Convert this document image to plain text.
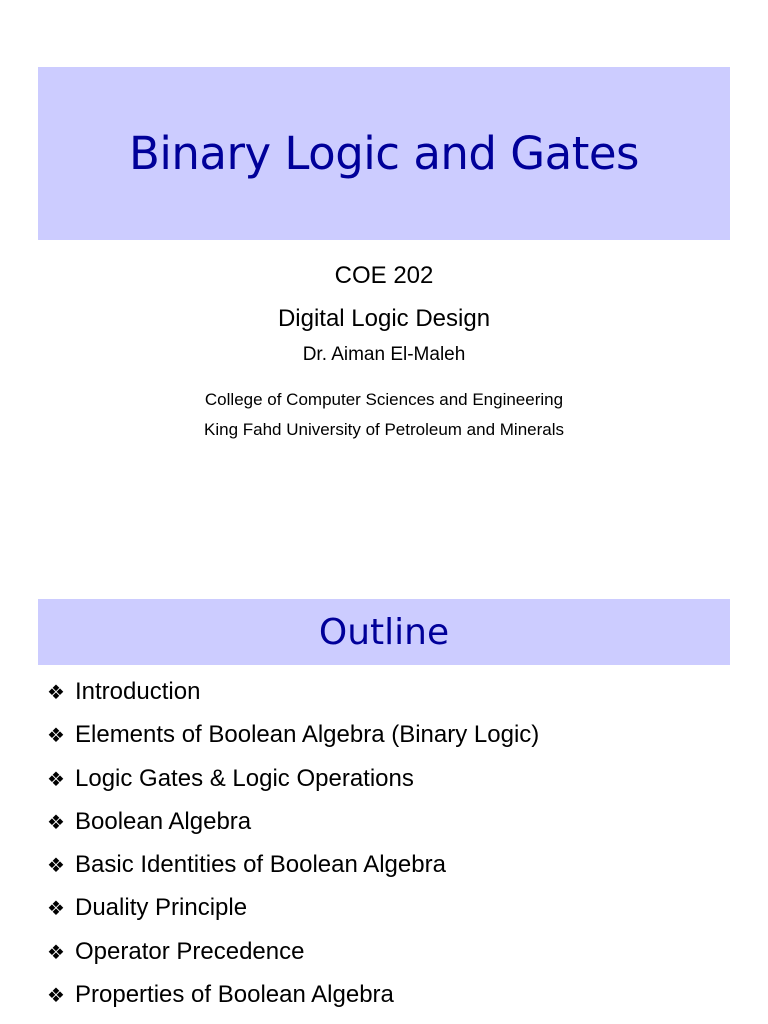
Binary Logic and Gates
COE 202
Digital Logic Design
Dr. Aiman El-Maleh
College of Computer Sciences and Engineering
King Fahd University of Petroleum and Minerals
Outline
❖ Introduction
❖ Elements of Boolean Algebra (Binary Logic)
❖ Logic Gates & Logic Operations
❖ Boolean Algebra
❖ Basic Identities of Boolean Algebra
❖ Duality Principle
❖ Operator Precedence
❖ Properties of Boolean Algebra
